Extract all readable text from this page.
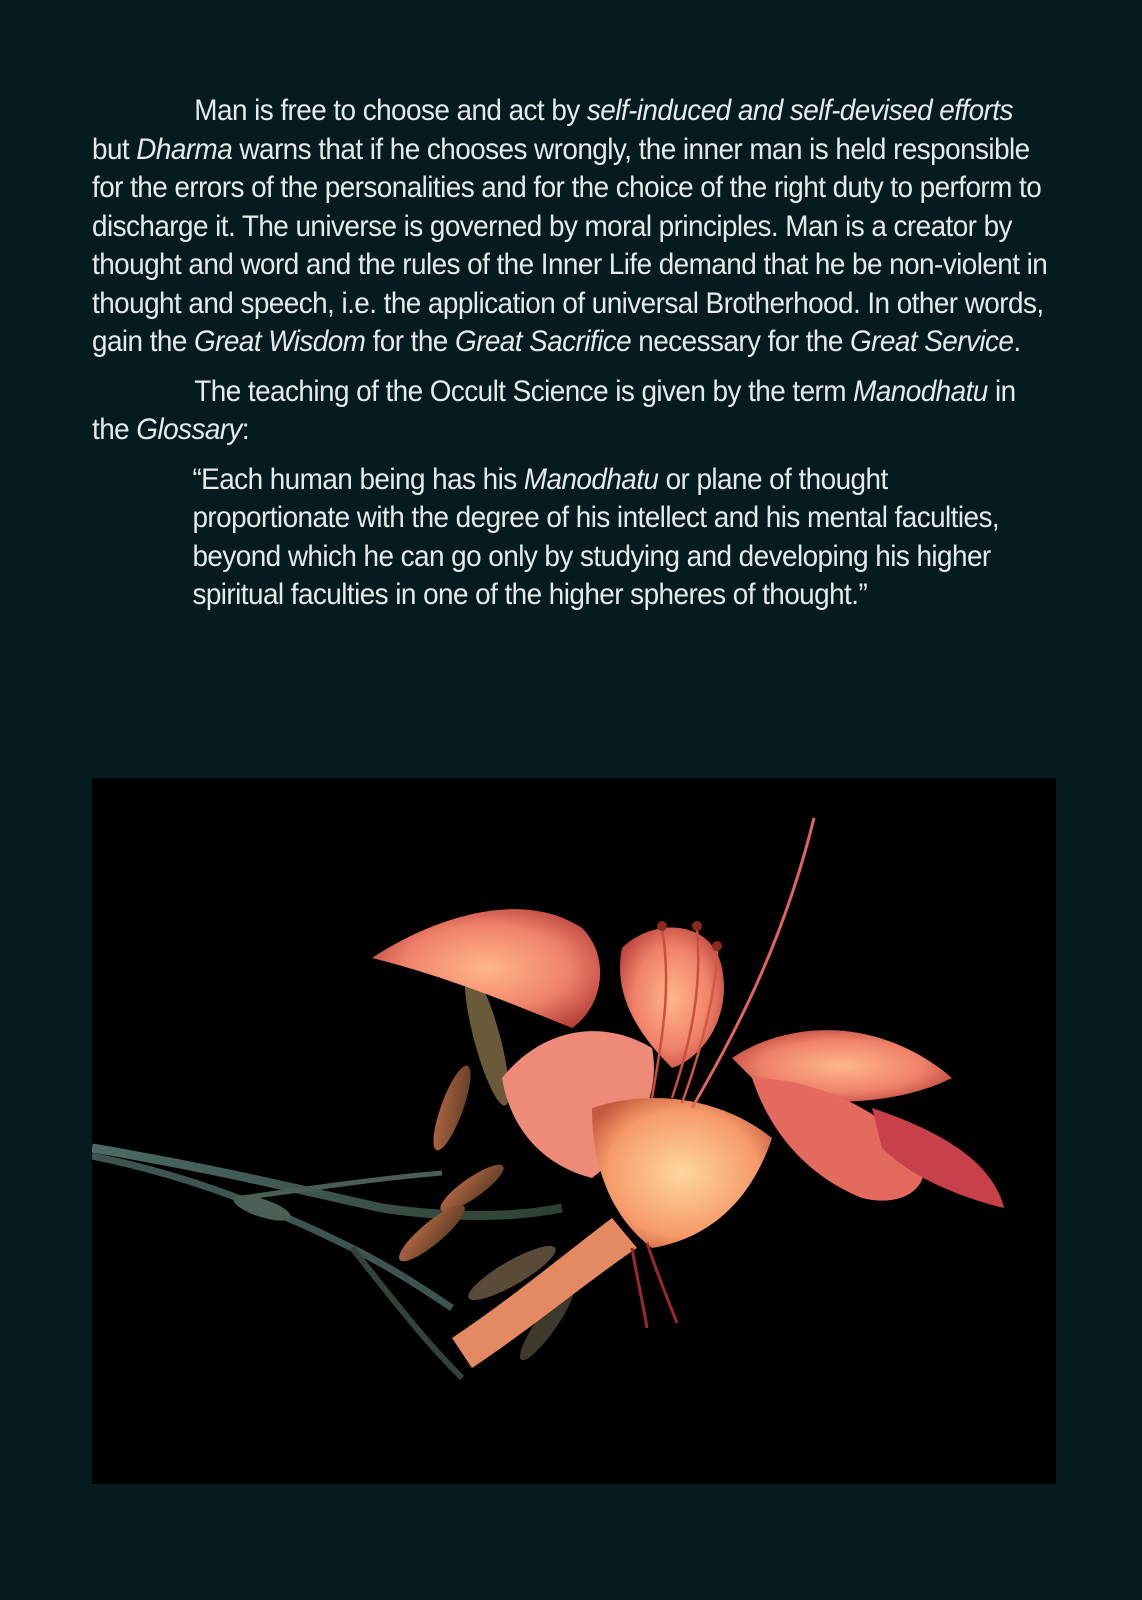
Man is free to choose and act by self-induced and self-devised efforts but Dharma warns that if he chooses wrongly, the inner man is held responsible for the errors of the personalities and for the choice of the right duty to perform to discharge it. The universe is governed by moral principles. Man is a creator by thought and word and the rules of the Inner Life demand that he be non-violent in thought and speech, i.e. the application of universal Brotherhood. In other words, gain the Great Wisdom for the Great Sacrifice necessary for the Great Service.

The teaching of the Occult Science is given by the term Manodhatu in the Glossary:

“Each human being has his Manodhatu or plane of thought proportionate with the degree of his intellect and his mental faculties, beyond which he can go only by studying and developing his higher spiritual faculties in one of the higher spheres of thought.”
